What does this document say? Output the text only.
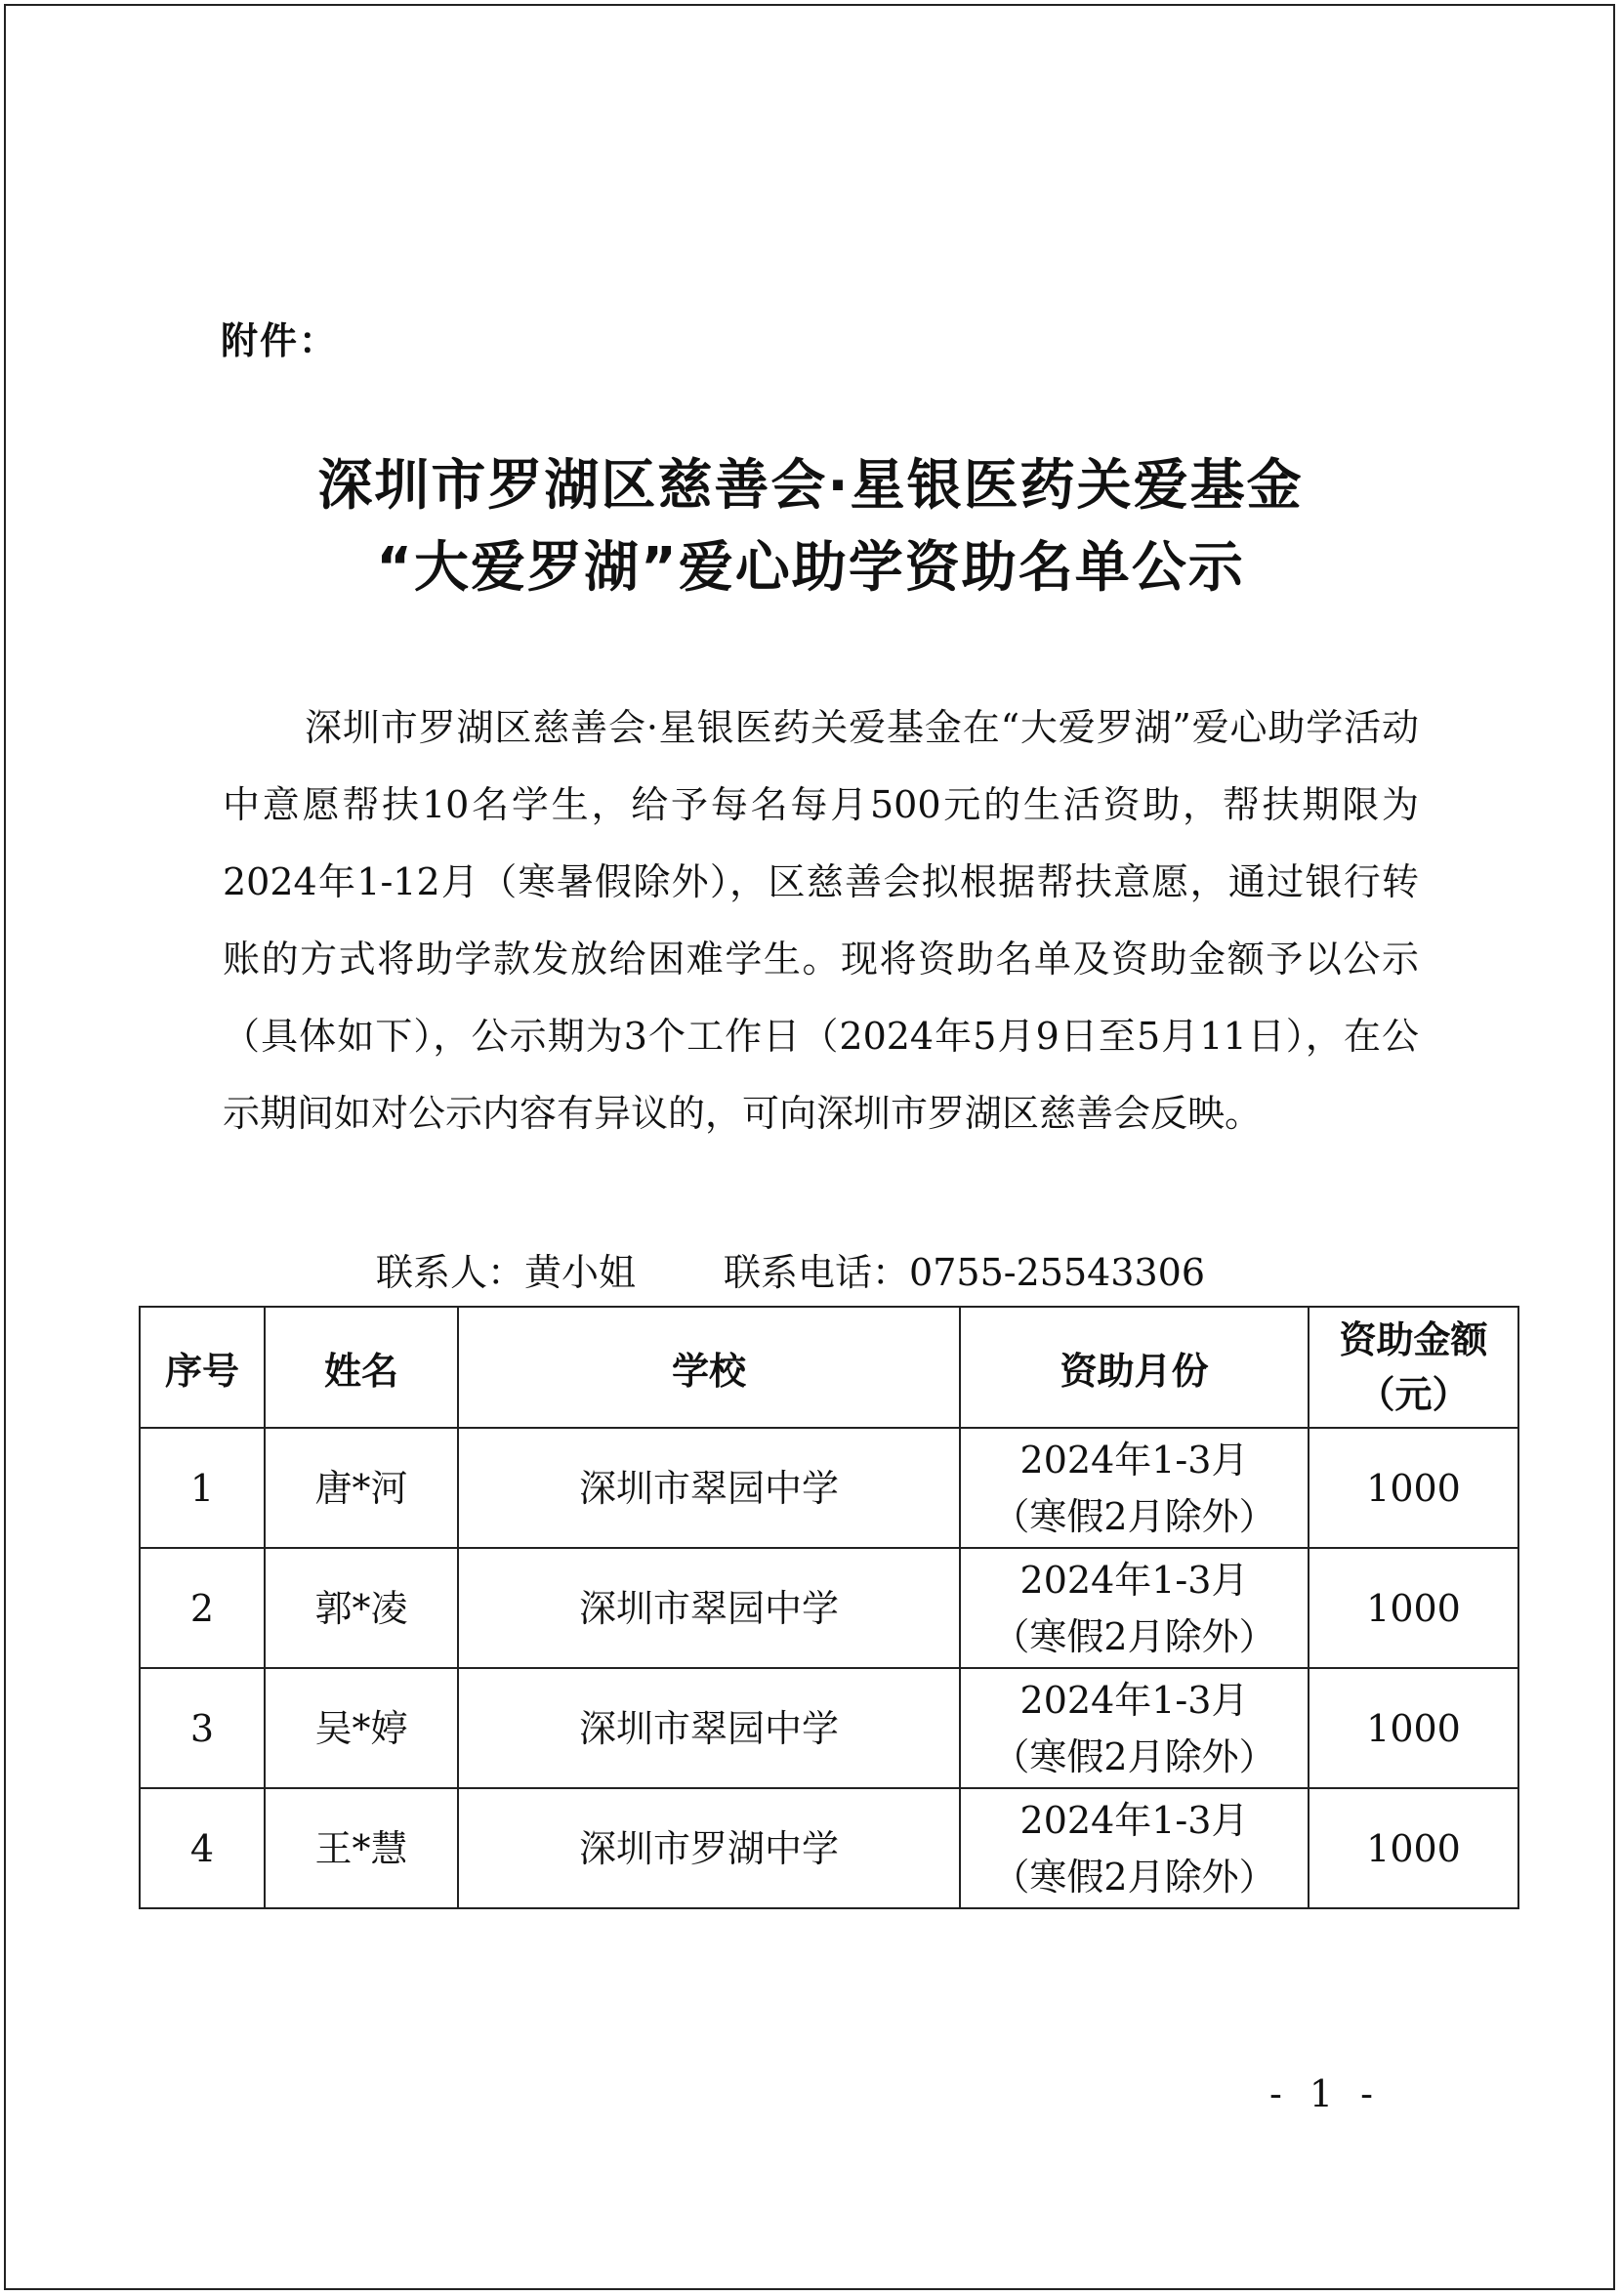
附件：
深圳市罗湖区慈善会·星银医药关爱基金
“大爱罗湖”爱心助学资助名单公示

深圳市罗湖区慈善会·星银医药关爱基金在“大爱罗湖”爱心助学活动中意愿帮扶10名学生，给予每名每月500元的生活资助，帮扶期限为2024年1-12月（寒暑假除外），区慈善会拟根据帮扶意愿，通过银行转账的方式将助学款发放给困难学生。现将资助名单及资助金额予以公示（具体如下），公示期为3个工作日（2024年5月9日至5月11日），在公示期间如对公示内容有异议的，可向深圳市罗湖区慈善会反映。

联系人：黄小姐 联系电话：0755-25543306
序号	姓名	学校	资助月份	资助金额
（元）
1	唐*河	深圳市翠园中学	2024年1-3月
（寒假2月除外）	1000
2	郭*凌	深圳市翠园中学	2024年1-3月
（寒假2月除外）	1000
3	吴*婷	深圳市翠园中学	2024年1-3月
（寒假2月除外）	1000
4	王*慧	深圳市罗湖中学	2024年1-3月
（寒假2月除外）	1000
- 1 -
